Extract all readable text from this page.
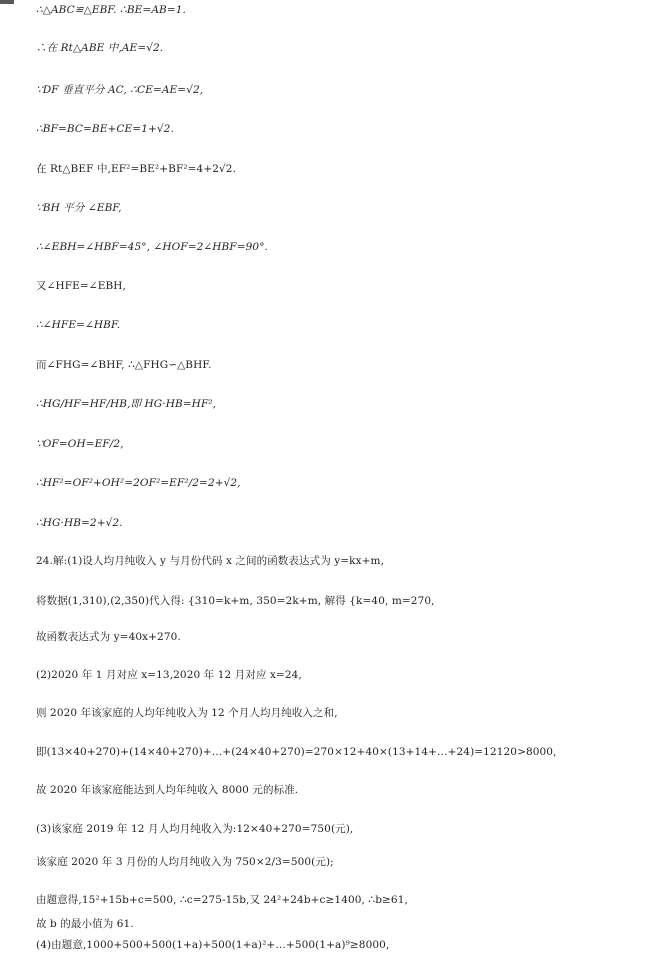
∴△ABC≌△EBF. ∴BE=AB=1.
∴在 Rt△ABE 中,AE=√2.
∵DF 垂直平分 AC, ∴CE=AE=√2,
∴BF=BC=BE+CE=1+√2.
在 Rt△BEF 中,EF²=BE²+BF²=4+2√2.
∵BH 平分 ∠EBF,
∴∠EBH=∠HBF=45°, ∠HOF=2∠HBF=90°.
又∠HFE=∠EBH,
∴∠HFE=∠HBF.
而∠FHG=∠BHF, ∴△FHG∽△BHF.
∴HG/HF=HF/HB,即 HG·HB=HF²,
∵OF=OH=EF/2,
∴HF²=OF²+OH²=2OF²=EF²/2=2+√2,
∴HG·HB=2+√2.
24.解:(1)设人均月纯收入 y 与月份代码 x 之间的函数表达式为 y=kx+m,
将数据(1,310),(2,350)代入得: {310=k+m, 350=2k+m, 解得 {k=40, m=270,
故函数表达式为 y=40x+270.
(2)2020 年 1 月对应 x=13,2020 年 12 月对应 x=24,
则 2020 年该家庭的人均年纯收入为 12 个月人均月纯收入之和,
即(13×40+270)+(14×40+270)+…+(24×40+270)=270×12+40×(13+14+…+24)=12120>8000,
故 2020 年该家庭能达到人均年纯收入 8000 元的标准.
(3)该家庭 2019 年 12 月人均月纯收入为:12×40+270=750(元),
该家庭 2020 年 3 月份的人均月纯收入为 750×2/3=500(元);
由题意得,15²+15b+c=500, ∴c=275-15b,又 24²+24b+c≥1400, ∴b≥61,
故 b 的最小值为 61.
(4)由题意,1000+500+500(1+a)+500(1+a)²+…+500(1+a)⁹≥8000,
